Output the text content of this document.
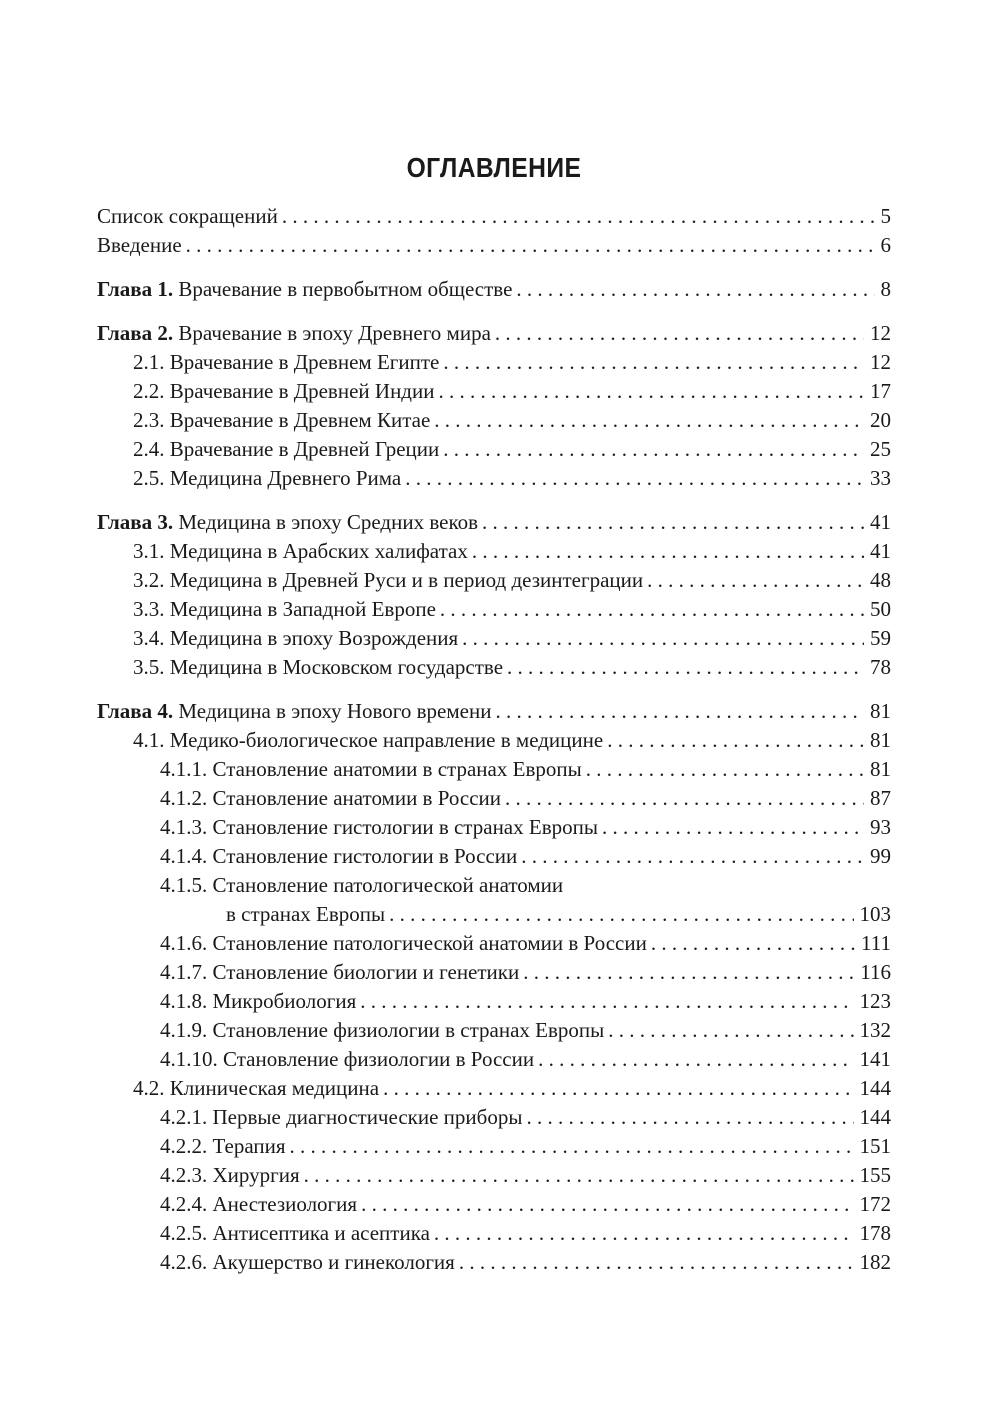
ОГЛАВЛЕНИЕ
Список сокращений . . .	5
Введение . . .	6
Глава 1. Врачевание в первобытном обществе . . .	8
Глава 2. Врачевание в эпоху Древнего мира . . .	12
2.1. Врачевание в Древнем Египте . . .	12
2.2. Врачевание в Древней Индии . . .	17
2.3. Врачевание в Древнем Китае . . .	20
2.4. Врачевание в Древней Греции . . .	25
2.5. Медицина Древнего Рима . . .	33
Глава 3. Медицина в эпоху Средних веков . . .	41
3.1. Медицина в Арабских халифатах . . .	41
3.2. Медицина в Древней Руси и в период дезинтеграции . . .	48
3.3. Медицина в Западной Европе . . .	50
3.4. Медицина в эпоху Возрождения . . .	59
3.5. Медицина в Московском государстве . . .	78
Глава 4. Медицина в эпоху Нового времени . . .	81
4.1. Медико-биологическое направление в медицине . . .	81
4.1.1. Становление анатомии в странах Европы . . .	81
4.1.2. Становление анатомии в России . . .	87
4.1.3. Становление гистологии в странах Европы . . .	93
4.1.4. Становление гистологии в России . . .	99
4.1.5. Становление патологической анатомии
в странах Европы . . .	103
4.1.6. Становление патологической анатомии в России . . .	111
4.1.7. Становление биологии и генетики . . .	116
4.1.8. Микробиология . . .	123
4.1.9. Становление физиологии в странах Европы . . .	132
4.1.10. Становление физиологии в России . . .	141
4.2. Клиническая медицина . . .	144
4.2.1. Первые диагностические приборы . . .	144
4.2.2. Терапия . . .	151
4.2.3. Хирургия . . .	155
4.2.4. Анестезиология . . .	172
4.2.5. Антисептика и асептика . . .	178
4.2.6. Акушерство и гинекология . . .	182
